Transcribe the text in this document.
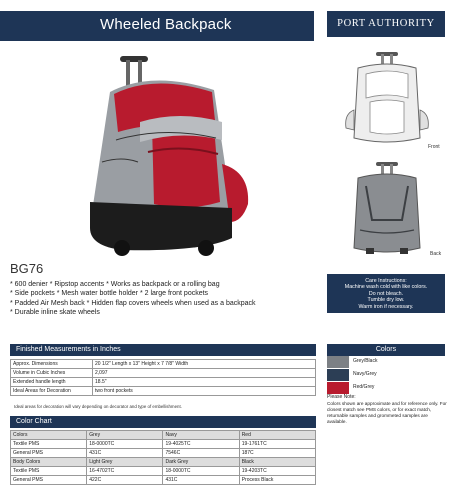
Wheeled Backpack	PORT AUTHORITY
Front
Back
BG76
* 600 denier * Ripstop accents * Works as backpack or a rolling bag
* Side pockets * Mesh water bottle holder * 2 large front pockets
* Padded Air Mesh back * Hidden flap covers wheels when used as a backpack
* Durable inline skate wheels
Care Instructions:
Machine wash cold with like colors.
Do not bleach.
Tumble dry low.
Warm iron if necessary.
Finished Measurements in Inches
Approx. Dimensions	20 1/2" Length x 13" Height x 7 7/8" Width
Volume in Cubic Inches	2,097
Extended handle length	18.5"
Ideal Areas for Decoration	two front pockets
Ideal areas for decoration will vary depending on decorator and type of embellishment.
Color Chart
Colors	Grey	Navy	Red
Textile PMS	18-0000TC	19-4025TC	19-1761TC
General PMS	431C	7546C	187C
Body Colors	Light Grey	Dark Grey	Black
Textile PMS	16-4702TC	18-0000TC	19-4203TC
General PMS	422C	431C	Process Black
Colors
Grey/Black
Navy/Grey
Red/Grey
Please Note:
Colors shown are approximate and for reference only. For closest match see PMS colors, or for exact match, returnable samples and grommeted samples are available.
